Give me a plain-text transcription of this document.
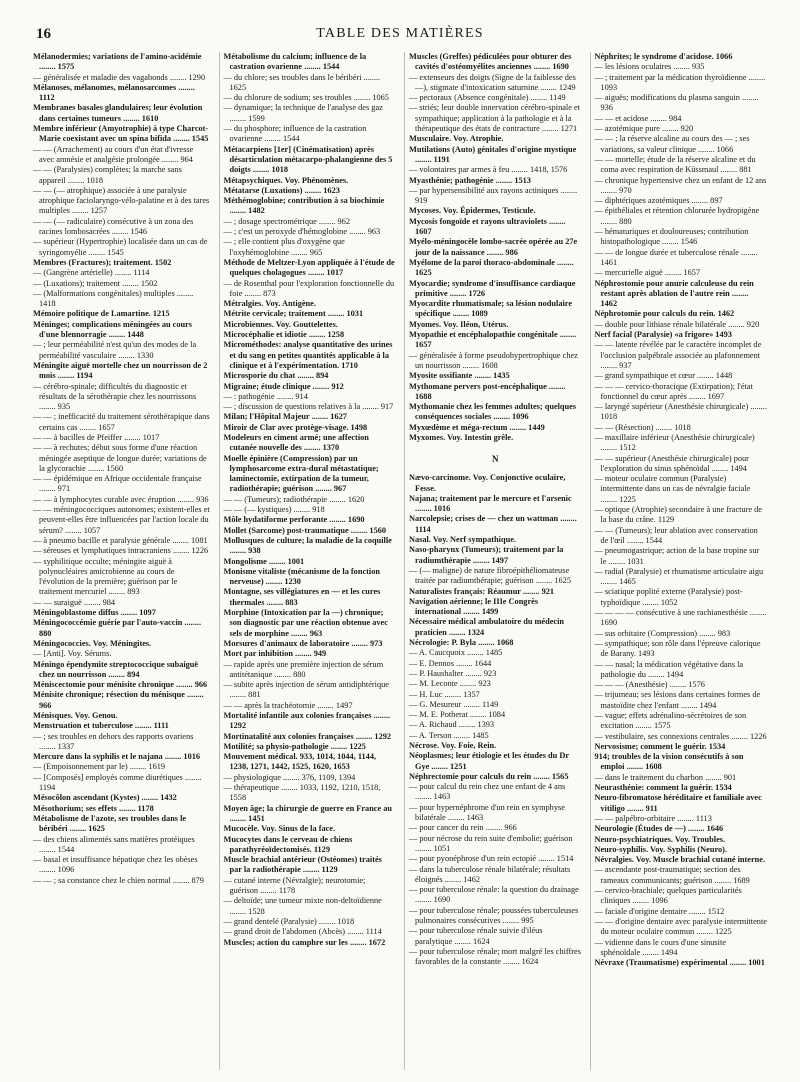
16	TABLE DES MATIÈRES
Mélanodermies; variations de l'amino-acidémie ........ 1575
— généralisée et maladie des vagabonds ........ 1290
Mélanoses, mélanomes, mélanosarcomes ........ 1112
Membranes basales glandulaires; leur évolution dans certaines tumeurs ........ 1610
Membre inférieur (Amyotrophie) à type Charcot-Marie coexistant avec un spina bifida ........ 1545
— — (Arrachement) au cours d'un état d'ivresse avec amnésie et analgésie prolongée ........ 964
— — (Paralysies) complètes; la marche sans appareil ........ 1018
— — (— atrophique) associée à une paralysie atrophique faciolaryngo-vélo-palatine et à des tares multiples ........ 1257
— — (— radiculaire) consécutive à un zona des racines lombosacrées ........ 1546
— supérieur (Hypertrophie) localisée dans un cas de syringomyélie ........ 1545
Membres (Fractures); traitement. 1502
— (Gangrène artérielle) ........ 1114
— (Luxations); traitement ........ 1502
— (Malformations congénitales) multiples ........ 1418
Mémoire politique de Lamartine. 1215
Méninges; complications méningées au cours d'une blennorragie ........ 1448
— ; leur perméabilité n'est qu'un des modes de la perméabilité vasculaire ........ 1330
Méningite aiguë mortelle chez un nourrisson de 2 mois ........ 1194
— cérébro-spinale; difficultés du diagnostic et résultats de la sérothérapie chez les nourrissons ........ 935
— — ; inefficacité du traitement sérothérapique dans certains cas ........ 1657
— — à bacilles de Pfeiffer ........ 1017
— — à rechutes; début sous forme d'une réaction méningée aseptique de longue durée; variations de la glycorachie ........ 1560
— — épidémique en Afrique occidentale française ........ 971
— — à lymphocytes curable avec éruption ........ 936
— — méningococciques autonomes; existent-elles et peuvent-elles être influencées par l'action locale du sérum? ........ 1057
— à pneumo bacille et paralysie générale ........ 1081
— séreuses et lymphatiques intracraniens ........ 1226
— syphilitique occulte; méningite aiguë à polynucléaires amicrobienne au cours de l'évolution de la première; guérison par le traitement mercuriel ........ 893
— — suraiguë ........ 984
Méningoblastome diffus ........ 1097
Méningococcémie guérie par l'auto-vaccin ........ 880
Méningococcies. Voy. Méningites.
— [Anti]. Voy. Sérums.
Méningo épendymite streptococcique subaiguë chez un nourrisson ........ 894
Méniscectomie pour ménisite chronique ........ 966
Ménisite chronique; résection du ménisque ........ 966
Ménisques. Voy. Genou.
Menstruation et tuberculose ........ 1111
— ; ses troubles en dehors des rapports ovariens ........ 1337
Mercure dans la syphilis et le najana ........ 1016
— (Empoisonnement par le) ........ 1619
— [Composés] employés comme diurétiques ........ 1194
Mésocôlon ascendant (Kystes) ........ 1432
Mésothorium; ses effets ........ 1178
Métabolisme de l'azote, ses troubles dans le béribéri ........ 1625
— des chiens alimentés sans matières protéiques ........ 1544
— basal et insuffisance hépatique chez les obèses ........ 1096
— — ; sa constance chez le chien normal ........ 879
Métabolisme du calcium; influence de la castration ovarienne ........ 1544
— du chlore; ses troubles dans le béribéri ........ 1625
— du chlorure de sodium; ses troubles ........ 1065
— dynamique; la technique de l'analyse des gaz ........ 1599
— du phosphore; influence de la castration ovarienne ........ 1544
Métacarpiens [1er] (Cinématisation) après désarticulation métacarpo-phalangienne des 5 doigts ........ 1018
Métapsychiques. Voy. Phénomènes.
Métatarse (Luxations) ........ 1623
Méthémoglobine; contribution à sa biochimie ........ 1482
— ; dosage spectrométrique ........ 962
— ; c'est un peroxyde d'hémoglobine ........ 963
— ; elle contient plus d'oxygène que l'oxyhémoglobine ........ 965
Méthode de Meltzer-Lyon appliquée à l'étude de quelques cholagogues ........ 1017
— de Rosenthal pour l'exploration fonctionnelle du foie ........ 873
Métralgies. Voy. Antigène.
Métrite cervicale; traitement ........ 1031
Microbiennes. Voy. Gouttelettes.
Microcéphalie et idiotie ........ 1258
Microméthodes: analyse quantitative des urines et du sang en petites quantités applicable à la clinique et à l'expérimentation. 1710
Microsporie du chat ........ 894
Migraine; étude clinique ........ 912
— : pathogénie ........ 914
— ; discussion de questions relatives à la ........ 917
Milan; l'Hôpital Majeur ........ 1627
Miroir de Clar avec protège-visage. 1498
Modeleurs en ciment armé; une affection cutanée nouvelle des ........ 1370
Moelle épinière (Compression) par un lymphosarcome extra-dural métastatique; laminectomie, extirpation de la tumeur, radiothérapie; guérison ........ 967
— — (Tumeurs); radiothérapie ........ 1620
— — (— kystiques) ........ 918
Môle hydatiforme perforante ........ 1690
Mollet (Sarcome) post-traumatique ........ 1560
Mollusques de culture; la maladie de la coquille ........ 938
Mongolisme ........ 1001
Monisme vitaliste (mécanisme de la fonction nerveuse) ........ 1230
Montagne, ses villégiatures en — et les cures thermales ........ 883
Morphine (Intoxication par la —) chronique; son diagnostic par une réaction obtenue avec sels de morphine ........ 963
Morsures d'animaux de laboratoire ........ 973
Mort par inhibition ........ 949
— rapide après une première injection de sérum antitétanique ........ 880
— subite après injection de sérum antidiphtérique ........ 881
— — après la trachéotomie ........ 1497
Mortalité infantile aux colonies françaises ........ 1292
Mortinatalité aux colonies françaises ........ 1292
Motilité; sa physio-pathologie ........ 1225
Mouvement médical. 933, 1014, 1044, 1144, 1238, 1271, 1442, 1525, 1620, 1653
— physiologique ........ 376, 1109, 1394
— thérapeutique ........ 1033, 1192, 1210, 1518, 1558
Moyen âge; la chirurgie de guerre en France au ........ 1451
Mucocèle. Voy. Sinus de la face.
Mucocytes dans le cerveau de chiens parathyréoïdectomisés. 1129
Muscle brachial antérieur (Ostéomes) traités par la radiothérapie ........ 1129
— cutané interne (Névralgie); neurotomie; guérison ........ 1178
— deltoïde; une tumeur mixte non-deltoïdienne ........ 1528
— grand dentelé (Paralysie) ........ 1018
— grand droit de l'abdomen (Abcès) ........ 1114
Muscles; action du camphre sur les ........ 1672
Muscles (Greffes) pédiculées pour obturer des cavités d'ostéomyélites anciennes ........ 1690
— extenseurs des doigts (Signe de la faiblesse des —), stigmate d'intoxication saturnine ........ 1249
— pectoraux (Absence congénitale) ........ 1149
— striés; leur double innervation cérébro-spinale et sympathique; application à la pathologie et à la thérapeutique des états de contracture ........ 1271
Musculaire. Voy. Atrophie.
Mutilations (Auto) génitales d'origine mystique ........ 1191
— volontaires par armes à feu ........ 1418, 1576
Myasthénie; pathogénie ........ 1513
— par hypersensibilité aux rayons actiniques ........ 919
Mycoses. Voy. Épidermes, Testicule.
Mycosis fongoïde et rayons ultraviolets ........ 1607
Myélo-méningocèle lombo-sacrée opérée au 27e jour de la naissance ........ 986
Myélome de la paroi thoraco-abdominale ........ 1625
Myocardie; syndrome d'insuffisance cardiaque primitive ........ 1726
Myocardite rhumatismale; sa lésion nodulaire spécifique ........ 1089
Myomes. Voy. Iléon, Utérus.
Myopathie et encéphalopathie congénitale ........ 1657
— généralisée à forme pseudohypertrophique chez un nourrisson ........ 1608
Myosite ossifiante ........ 1435
Mythomane pervers post-encéphalique ........ 1688
Mythomanie chez les femmes adultes; quelques conséquences sociales ........ 1096
Myxœdème et méga-rectum ........ 1449
Myxomes. Voy. Intestin grêle.
N
Nævo-carcinome. Voy. Conjonctive oculaire, Fesse.
Najana; traitement par le mercure et l'arsenic ........ 1016
Narcolepsie; crises de — chez un wattman ........ 1114
Nasal. Voy. Nerf sympathique.
Naso-pharynx (Tumeurs); traitement par la radiumthérapie ........ 1497
— (— maligne) de nature fibroépithéliomateuse traitée par radiumthérapie; guérison ........ 1625
Naturalistes français: Réaumur ........ 921
Navigation aérienne; le IIIe Congrès international ........ 1499
Nécessaire médical ambulatoire du médecin praticien ........ 1324
Nécrologie: P. Byla ........ 1068
— A. Caucquoix ........ 1485
— E. Dennos ........ 1644
— P. Haushalter ........ 923
— M. Leconte ........ 923
— H. Luc ........ 1357
— G. Mesureur ........ 1149
— M. E. Potherat ........ 1084
— A. Richaud ........ 1393
— A. Terson ........ 1485
Nécrose. Voy. Foie, Rein.
Néoplasmes; leur étiologie et les études du Dr Gye ........ 1251
Néphrectomie pour calculs du rein ........ 1565
— pour calcul du rein chez une enfant de 4 ans ........ 1463
— pour hypernéphrome d'un rein en symphyse bilatérale ........ 1463
— pour cancer du rein ........ 966
— pour nécrose du rein suite d'embolie; guérison ........ 1051
— pour pyonéphrose d'un rein ectopié ........ 1514
— dans la tuberculose rénale bilatérale; résultats éloignés ........ 1462
— pour tuberculose rénale: la question du drainage ........ 1690
— pour tuberculose rénale; poussées tuberculeuses pulmonaires consécutives ........ 995
— pour tuberculose rénale suivie d'iléus paralytique ........ 1624
— pour tuberculose rénale; mort malgré les chiffres favorables de la constante ........ 1624
Néphrites; le syndrome d'acidose. 1066
— les lésions oculaires ........ 935
— ; traitement par la médication thyroïdienne ........ 1093
— aiguës; modifications du plasma sanguin ........ 936
— — et acidose ........ 984
— azotémique pure ........ 920
— — ; la réserve alcaline au cours des — ; ses variations, sa valeur clinique ........ 1066
— — mortelle; étude de la réserve alcaline et du coma avec respiration de Küssmaul ........ 881
— chronique hypertensive chez un enfant de 12 ans ........ 970
— diphtériques azotémiques ........ 897
— épithéliales et rétention chlorurée hydropigène ........ 880
— hématuriques et douloureuses; contribution histopathologique ........ 1546
— — de longue durée et tuberculose rénale ........ 1461
— mercurielle aiguë ........ 1657
Néphrostomie pour anurie calculeuse du rein restant après ablation de l'autre rein ........ 1462
Néphrotomie pour calculs du rein. 1462
— double pour lithiase rénale bilatérale ........ 920
Nerf facial (Paralysie) «a frigore» 1493
— — latente révélée par le caractère incomplet de l'occlusion palpébrale associée au plafonnement ........ 937
— grand sympathique et cœur ........ 1448
— — — cervico-thoracique (Extirpation); l'état fonctionnel du cœur après ........ 1697
— laryngé supérieur (Anesthésie chirurgicale) ........ 1018
— — (Résection) ........ 1018
— maxillaire inférieur (Anesthésie chirurgicale) ........ 1512
— — supérieur (Anesthésie chirurgicale) pour l'exploration du sinus sphénoïdal ........ 1494
— moteur oculaire commun (Paralysie) intermittente dans un cas de névralgie faciale ........ 1225
— optique (Atrophie) secondaire à une fracture de la base du crâne. 1129
— — (Tumeurs); leur ablation avec conservation de l'œil ........ 1544
— pneumogastrique; action de la base tropine sur le ........ 1031
— radial (Paralysie) et rhumatisme articulaire aigu ........ 1465
— sciatique poplité externe (Paralysie) post-typhoïdique ........ 1052
— — — — consécutive à une rachianesthésie ........ 1690
— sus orbitaire (Compression) ........ 983
— sympathique; son rôle dans l'épreuve calorique de Barany. 1493
— — nasal; la médication végétative dans la pathologie du ........ 1494
— — — (Anesthésie) ........ 1576
— trijumeau; ses lésions dans certaines formes de mastoïdite chez l'enfant ........ 1494
— vague; effets adrénalino-sécrétoires de son excitation ........ 1575
— vestibulaire, ses connexions centrales ........ 1226
Nervosisme; comment le guérir. 1534
914; troubles de la vision consécutifs à son emploi ........ 1608
— dans le traitement du charbon ........ 901
Neurasthénie: comment la guérir. 1534
Neuro-fibromatose héréditaire et familiale avec vitiligo ........ 911
— — palpébro-orbitaire ........ 1113
Neurologie (Études de —) ........ 1646
Neuro-psychiatriques. Voy. Troubles.
Neuro-syphilis. Voy. Syphilis (Neuro).
Névralgies. Voy. Muscle brachial cutané interne.
— ascendante post-traumatique; section des rameaux communicants; guérison ........ 1689
— cervico-brachiale; quelques particularités cliniques ........ 1096
— faciale d'origine dentaire ........ 1512
— — d'origine dentaire avec paralysie intermittente du moteur oculaire commun ........ 1225
— vidienne dans le cours d'une sinusite sphénoïdale ........ 1494
Névraxe (Traumatisme) expérimental ........ 1001
